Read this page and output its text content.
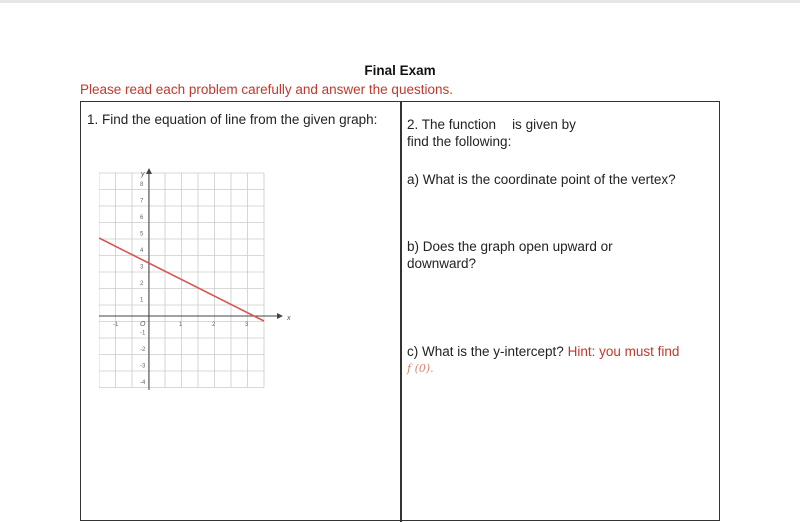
Final Exam
Please read each problem carefully and answer the questions.
1. Find the equation of line from the given graph:
x
y
-1	1	2	3
8
7
6
5
4
3
2
1
-1
-2
-3
-4
O
2. The function is given by
find the following:
a) What is the coordinate point of the vertex?
b) Does the graph open upward or downward?
c) What is the y-intercept? Hint: you must find
f (0).
